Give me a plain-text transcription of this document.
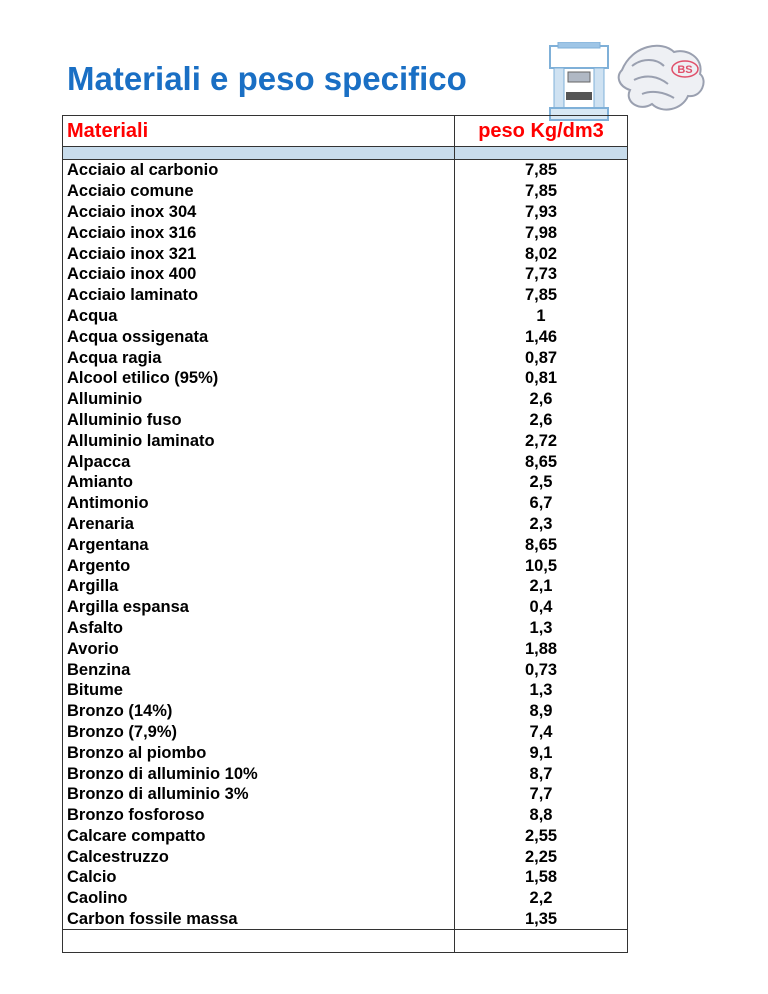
Materiali e peso specifico	BS
Materiali	peso Kg/dm3

Acciaio al carbonio	7,85
Acciaio comune	7,85
Acciaio inox 304	7,93
Acciaio inox 316	7,98
Acciaio inox 321	8,02
Acciaio inox 400	7,73
Acciaio laminato	7,85
Acqua	1
Acqua ossigenata	1,46
Acqua ragia	0,87
Alcool etilico (95%)	0,81
Alluminio	2,6
Alluminio fuso	2,6
Alluminio laminato	2,72
Alpacca	8,65
Amianto	2,5
Antimonio	6,7
Arenaria	2,3
Argentana	8,65
Argento	10,5
Argilla	2,1
Argilla espansa	0,4
Asfalto	1,3
Avorio	1,88
Benzina	0,73
Bitume	1,3
Bronzo (14%)	8,9
Bronzo (7,9%)	7,4
Bronzo al piombo	9,1
Bronzo di alluminio 10%	8,7
Bronzo di alluminio 3%	7,7
Bronzo fosforoso	8,8
Calcare compatto	2,55
Calcestruzzo	2,25
Calcio	1,58
Caolino	2,2
Carbon fossile massa	1,35
